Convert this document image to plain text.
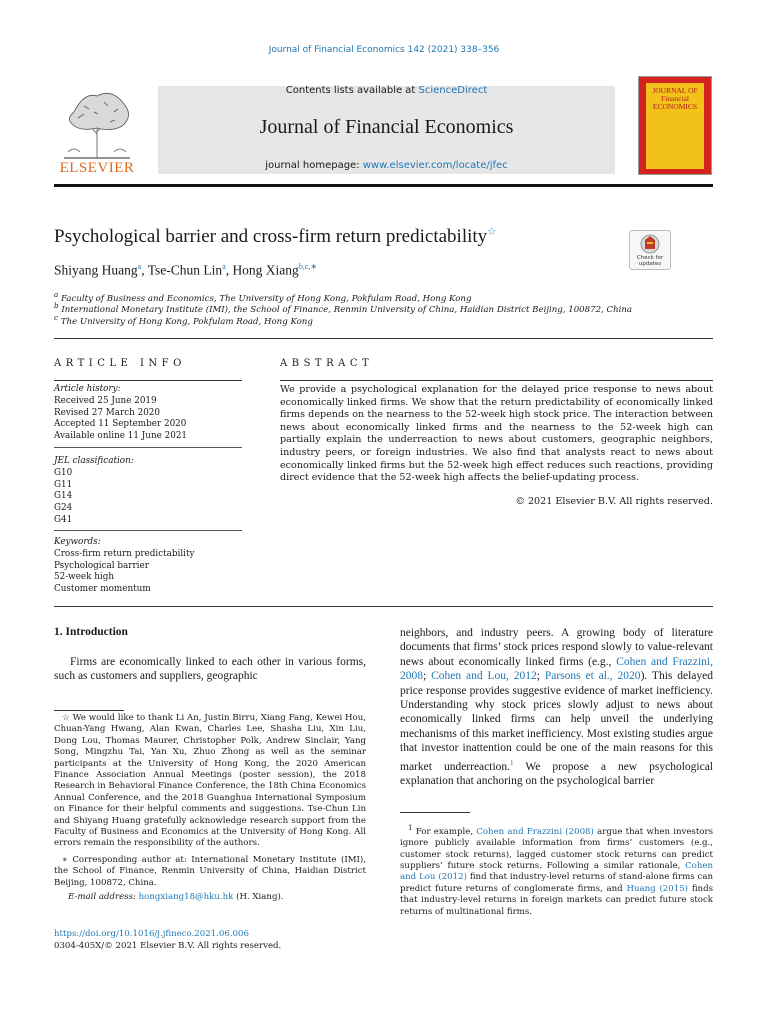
Journal of Financial Economics 142 (2021) 338–356
ELSEVIER
Contents lists available at ScienceDirect
Journal of Financial Economics
journal homepage: www.elsevier.com/locate/jfec
JOURNAL OF Financial ECONOMICS
Psychological barrier and cross-firm return predictability☆
Check for updates
Shiyang Huang$^a$, Tse-Chun Lin$^a$, Hong Xiang$^{b,c,∗}$
$^a$ Faculty of Business and Economics, The University of Hong Kong, Pokfulam Road, Hong Kong
$^b$ International Monetary Institute (IMI), the School of Finance, Renmin University of China, Haidian District Beijing, 100872, China
$^c$ The University of Hong Kong, Pokfulam Road, Hong Kong
ARTICLE INFO	ABSTRACT
Article history:
Received 25 June 2019
Revised 27 March 2020
Accepted 11 September 2020
Available online 11 June 2021
JEL classification:
G10
G11
G14
G24
G41
Keywords:
Cross-firm return predictability
Psychological barrier
52-week high
Customer momentum
We provide a psychological explanation for the delayed price response to news about economically linked firms. We show that the return predictability of economically linked firms depends on the nearness to the 52-week high stock price. The interaction between news about economically linked firms and the nearness to the 52-week high can partially explain the underreaction to news about customers, geographic neighbors, industry peers, or foreign industries. We also find that analysts react to news about economically linked firms but the 52-week high effect reduces such reactions, providing direct evidence that the 52-week high affects the belief-updating process.
© 2021 Elsevier B.V. All rights reserved.
1. Introduction
Firms are economically linked to each other in various forms, such as customers and suppliers, geographic
neighbors, and industry peers. A growing body of literature documents that firms’ stock prices respond slowly to value-relevant news about economically linked firms (e.g., Cohen and Frazzini, 2008; Cohen and Lou, 2012; Parsons et al., 2020). This delayed price response provides suggestive evidence of market inefficiency. Understanding why stock prices slowly adjust to news about economically linked firms can help unveil the underlying mechanisms of this market inefficiency. Most existing studies argue that investor inattention could be one of the main reasons for this market underreaction.$^1$ We propose a new psychological explanation that anchoring on the psychological barrier
☆ We would like to thank Li An, Justin Birru, Xiang Fang, Kewei Hou, Chuan-Yang Hwang, Alan Kwan, Charles Lee, Shasha Liu, Xin Liu, Dong Lou, Thomas Maurer, Christopher Polk, Andrew Sinclair, Yang Song, Mingzhu Tai, Yan Xu, Zhuo Zhong as well as the seminar participants at the University of Hong Kong, the 2020 American Finance Association Annual Meetings (poster session), the 2018 Research in Behavioral Finance Conference, the 18th China Economics Annual Conference, and the 2018 Guanghua International Symposium on Finance for their helpful comments and suggestions. Tse-Chun Lin and Shiyang Huang gratefully acknowledge research support from the Faculty of Business and Economics at the University of Hong Kong. All errors remain the responsibility of the authors.
∗ Corresponding author at: International Monetary Institute (IMI), the School of Finance, Renmin University of China, Haidian District Beijing, 100872, China.
E-mail address: hongxiang18@hku.hk (H. Xiang).
$^1$ For example, Cohen and Frazzini (2008) argue that when investors ignore publicly available information from firms’ customers (e.g., customer stock returns), lagged customer stock returns can predict suppliers’ future stock returns. Following a similar rationale, Cohen and Lou (2012) find that industry-level returns of stand-alone firms can predict future returns of conglomerate firms, and Huang (2015) finds that industry-level returns in foreign markets can predict future stock returns of multinational firms.
https://doi.org/10.1016/j.jfineco.2021.06.006
0304-405X/© 2021 Elsevier B.V. All rights reserved.
